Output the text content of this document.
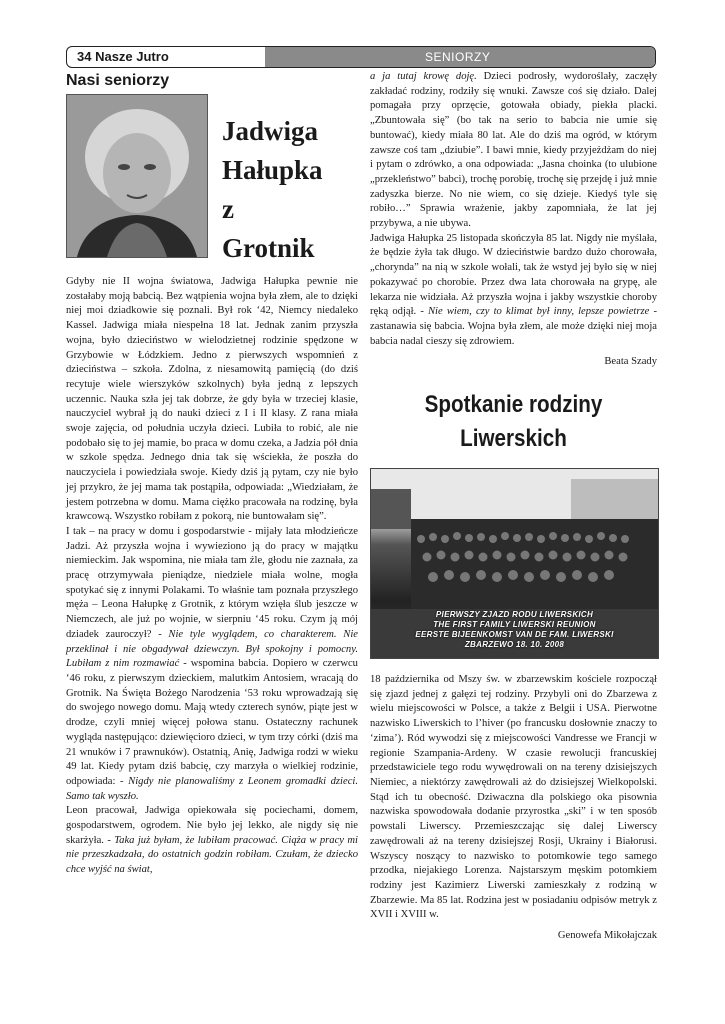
34 Nasze Jutro	SENIORZY
Nasi seniorzy
Jadwiga
Hałupka
z
Grotnik

Gdyby nie II wojna światowa, Jadwiga Hałupka pewnie nie zostałaby moją babcią. Bez wątpienia wojna była złem, ale to dzięki niej moi dziadkowie się poznali. Był rok ‘42, Niemcy niedaleko Kassel. Jadwiga miała niespełna 18 lat. Jednak zanim przyszła wojna, było dzieciństwo w wielodzietnej rodzinie spędzone w Grzybowie w Łódzkiem. Jedno z pierwszych wspomnień z dzieciństwa – szkoła. Zdolna, z niesamowitą pamięcią (do dziś recytuje wiele wierszyków szkolnych) była jedną z lepszych uczennic. Nauka szła jej tak dobrze, że gdy była w trzeciej klasie, nauczyciel wybrał ją do nauki dzieci z I i II klasy. Z rana miała swoje zajęcia, od południa uczyła dzieci. Lubiła to robić, ale nie podobało się to jej mamie, bo praca w domu czeka, a Jadzia pół dnia w szkole spędza. Jednego dnia tak się wściekła, że poszła do nauczyciela i powiedziała swoje. Kiedy dziś ją pytam, czy nie było jej przykro, że jej mama tak postąpiła, odpowiada: „Wiedziałam, że jestem potrzebna w domu. Mama ciężko pracowała na rodzinę, była krawcową. Wszystko robiłam z pokorą, nie buntowałam się”.

I tak – na pracy w domu i gospodarstwie - mijały lata młodzieńcze Jadzi. Aż przyszła wojna i wywieziono ją do pracy w majątku niemieckim. Jak wspomina, nie miała tam źle, głodu nie zaznała, za pracę otrzymywała pieniądze, niedziele miała wolne, mogła spotykać się z innymi Polakami. To właśnie tam poznała przyszłego męża – Leona Hałupkę z Grotnik, z którym wzięła ślub jeszcze w Niemczech, ale już po wojnie, w sierpniu ‘45 roku. Czym ją mój dziadek zauroczył? - Nie tyle wyglądem, co charakterem. Nie przeklinał i nie obgadywał dziewczyn. Był spokojny i pomocny. Lubiłam z nim rozmawiać - wspomina babcia. Dopiero w czerwcu ‘46 roku, z pierwszym dzieckiem, malutkim Antosiem, wracają do Grotnik. Na Święta Bożego Narodzenia ‘53 roku wprowadzają się do swojego nowego domu. Mają wtedy czterech synów, piąte jest w drodze, czyli mniej więcej połowa stanu. Ostateczny rachunek wygląda następująco: dziewięcioro dzieci, w tym trzy córki (dziś ma 21 wnuków i 7 prawnuków). Ostatnią, Anię, Jadwiga rodzi w wieku 49 lat. Kiedy pytam dziś babcię, czy marzyła o wielkiej rodzinie, odpowiada: - Nigdy nie planowaliśmy z Leonem gromadki dzieci. Samo tak wyszło.

Leon pracował, Jadwiga opiekowała się pociechami, domem, gospodarstwem, ogrodem. Nie było jej lekko, ale nigdy się nie skarżyła. - Taka już byłam, że lubiłam pracować. Ciąża w pracy mi nie przeszkadzała, do ostatnich godzin robiłam. Czułam, że dziecko chce wyjść na świat,

a ja tutaj krowę doję. Dzieci podrosły, wydoroślały, zaczęły zakładać rodziny, rodziły się wnuki. Zawsze coś się działo. Dalej pomagała przy oprzęcie, gotowała obiady, piekła placki. „Zbuntowała się” (bo tak na serio to babcia nie umie się buntować), kiedy miała 80 lat. Ale do dziś ma ogród, w którym zawsze coś tam „dziubie”. I bawi mnie, kiedy przyjeżdżam do niej i pytam o zdrówko, a ona odpowiada: „Jasna choinka (to ulubione „przekleństwo” babci), trochę porobię, trochę się przejdę i już mnie zadyszka bierze. No nie wiem, co się dzieje. Kiedyś tyle się robiło…” Sprawia wrażenie, jakby zapomniała, że lat jej przybywa, a nie ubywa.

Jadwiga Hałupka 25 listopada skończyła 85 lat. Nigdy nie myślała, że będzie żyła tak długo. W dzieciństwie bardzo dużo chorowała, „chorynda” na nią w szkole wołali, tak że wstyd jej było się w niej pokazywać po chorobie. Przez dwa lata chorowała na grypę, ale lekarza nie widziała. Aż przyszła wojna i jakby wszystkie choroby ręką odjął. - Nie wiem, czy to klimat był inny, lepsze powietrze - zastanawia się babcia. Wojna była złem, ale może dzięki niej moja babcia nadal cieszy się zdrowiem.

Beata Szady
Spotkanie rodziny
Liwerskich
PIERWSZY ZJAZD RODU LIWERSKICH
THE FIRST FAMILY LIWERSKI REUNION
EERSTE BIJEENKOMST VAN DE FAM. LIWERSKI
ZBARZEWO 18. 10. 2008

18 października od Mszy św. w zbarzewskim kościele rozpoczął się zjazd jednej z gałęzi tej rodziny. Przybyli oni do Zbarzewa z wielu miejscowości w Polsce, a także z Belgii i USA. Pierwotne nazwisko Liwerskich to l’hiver (po francusku dosłownie znaczy to ‘zima’). Ród wywodzi się z miejscowości Vandresse we Francji w regionie Szampania-Ardeny. W czasie rewolucji francuskiej przedstawiciele tego rodu wywędrowali on na tereny dzisiejszych Niemiec, a niektórzy zawędrowali aż do dzisiejszej Wielkopolski. Stąd ich tu obecność. Dziwaczna dla polskiego oka pisownia nazwiska spowodowała dodanie przyrostka „ski” i w ten sposób powstali Liwerscy. Przemieszczając się dalej Liwerscy zawędrowali aż na tereny dzisiejszej Rosji, Ukrainy i Białorusi. Wszyscy noszący to nazwisko to potomkowie tego samego przodka, niejakiego Lorenza. Najstarszym męskim potomkiem rodziny jest Kazimierz Liwerski zamieszkały z rodziną w Zbarzewie. Ma 85 lat. Rodzina jest w posiadaniu odpisów metryk z XVII i XVIII w.

Genowefa Mikołajczak
